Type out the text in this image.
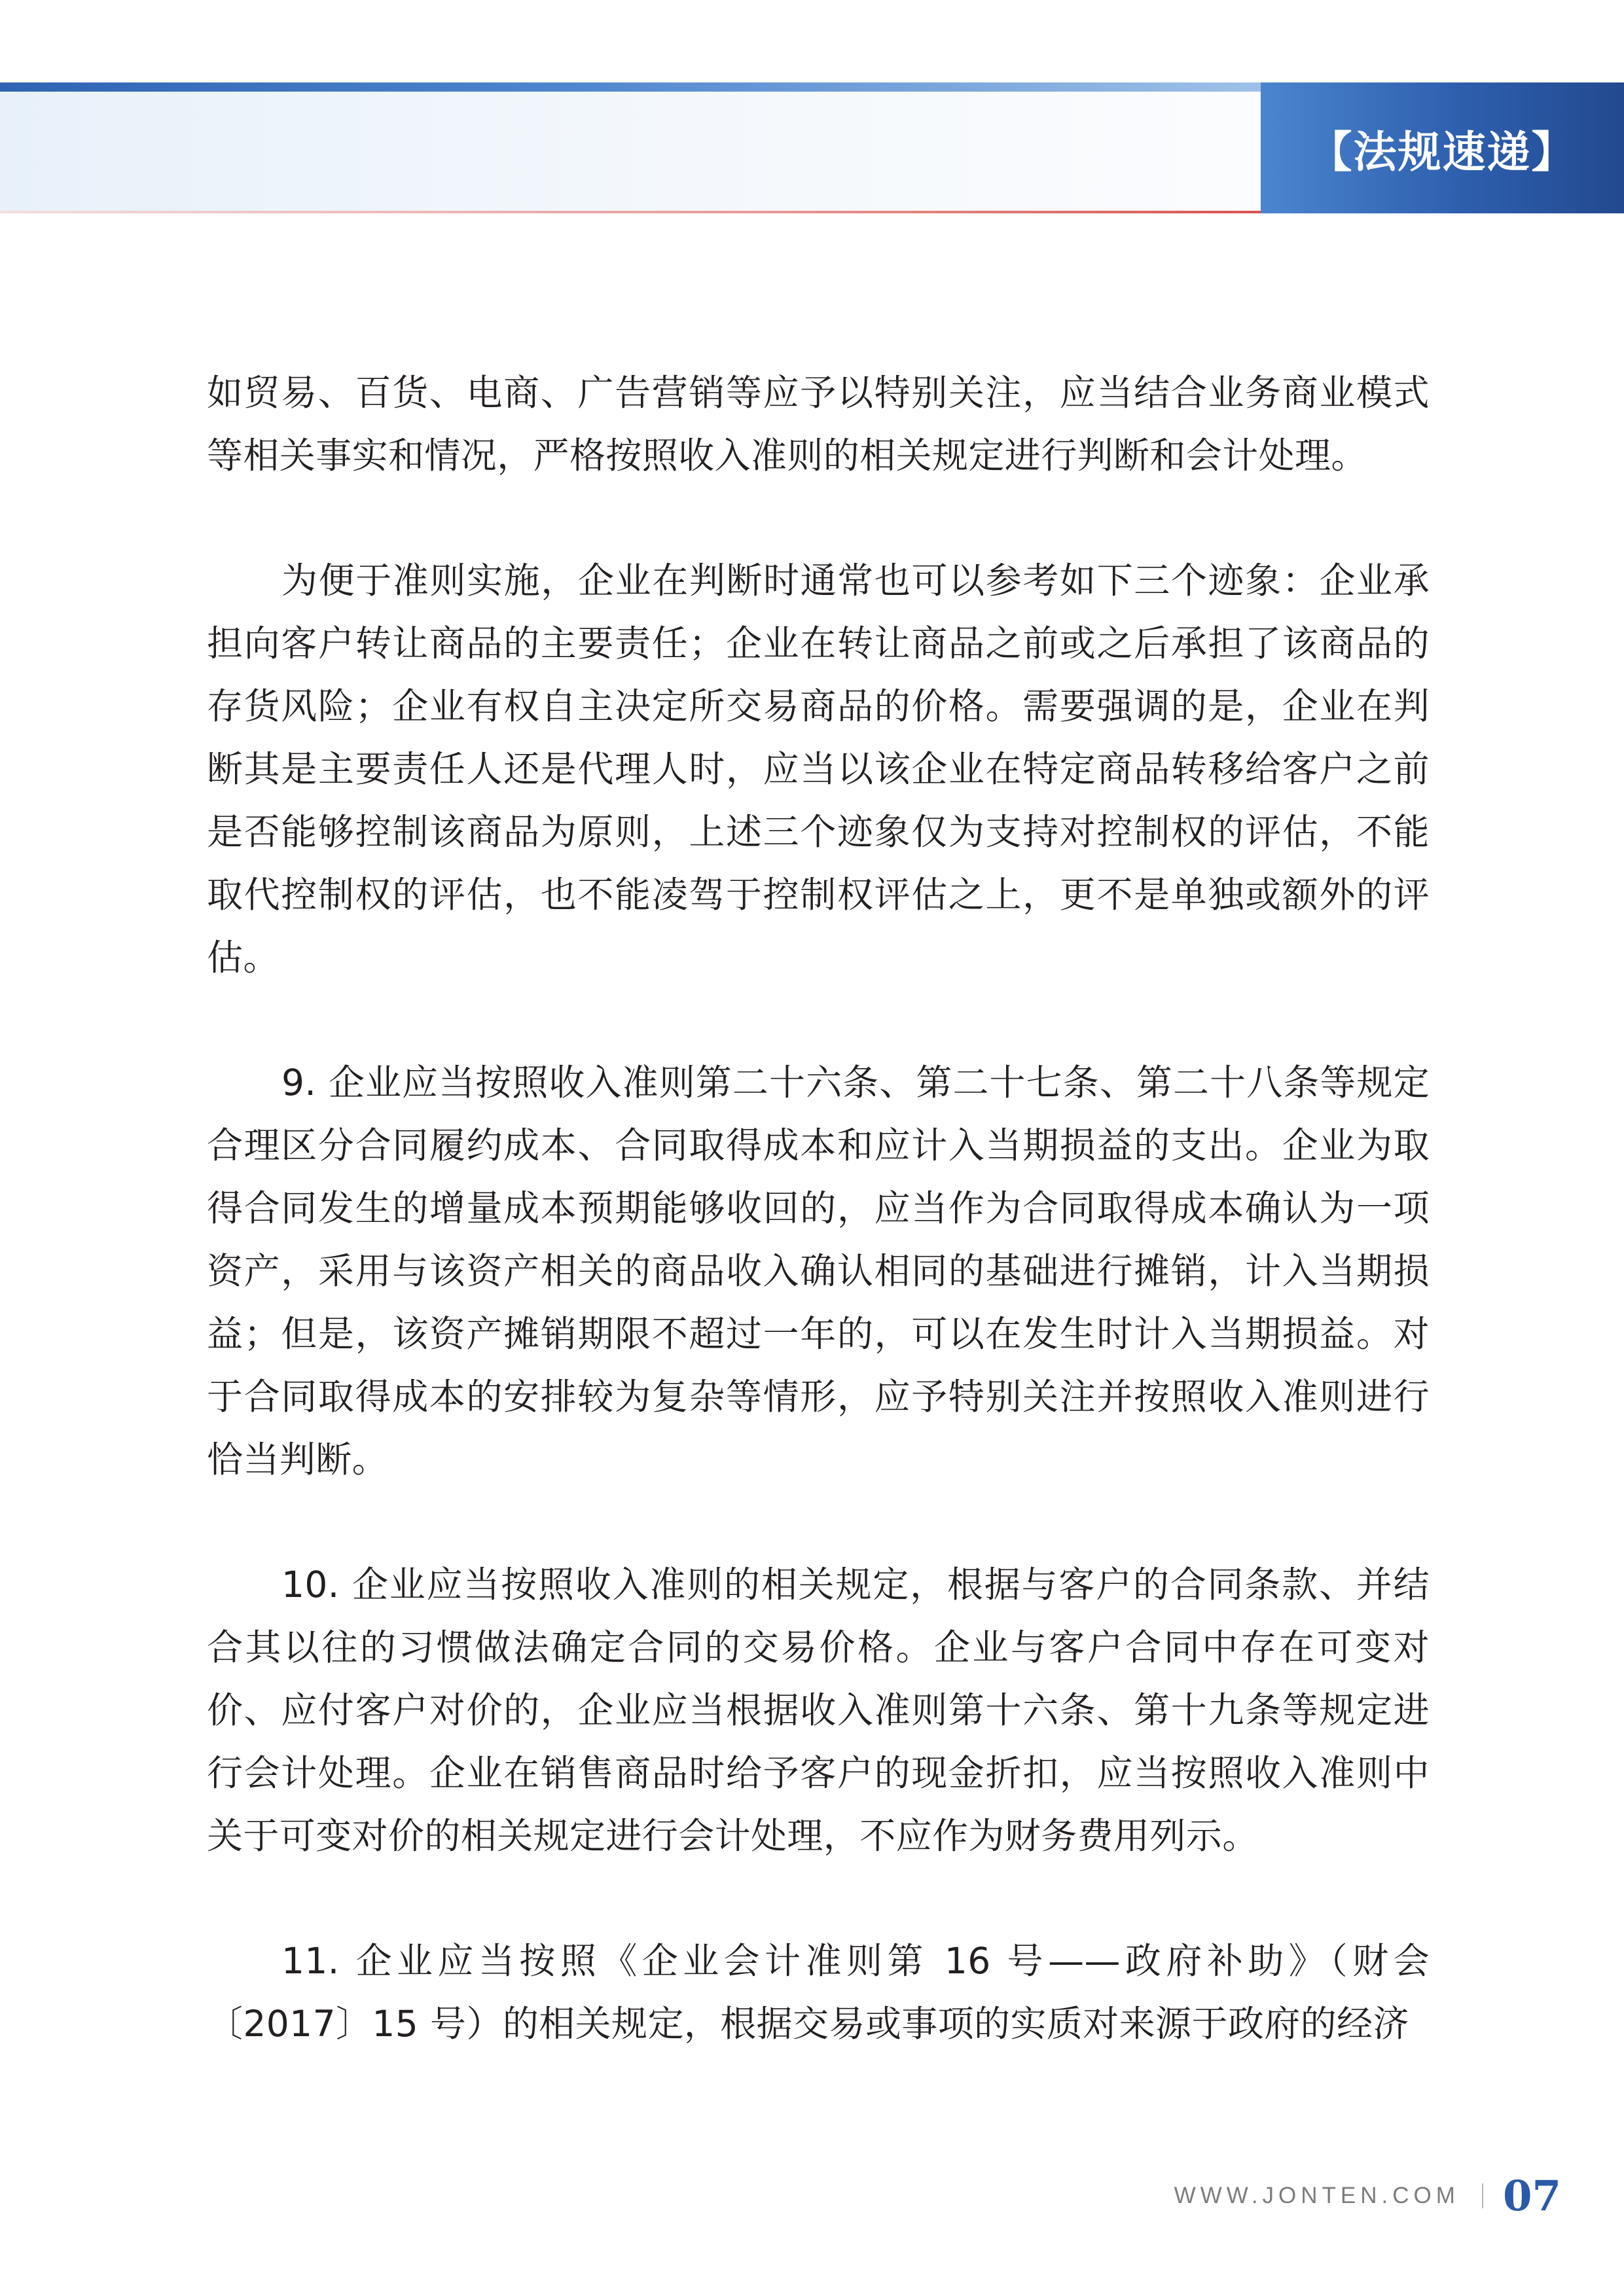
【法规速递】

如贸易、百货、电商、广告营销等应予以特别关注，应当结合业务商业模式等相关事实和情况，严格按照收入准则的相关规定进行判断和会计处理。

为便于准则实施，企业在判断时通常也可以参考如下三个迹象：企业承担向客户转让商品的主要责任；企业在转让商品之前或之后承担了该商品的存货风险；企业有权自主决定所交易商品的价格。需要强调的是，企业在判断其是主要责任人还是代理人时，应当以该企业在特定商品转移给客户之前是否能够控制该商品为原则，上述三个迹象仅为支持对控制权的评估，不能取代控制权的评估，也不能凌驾于控制权评估之上，更不是单独或额外的评估。

9. 企业应当按照收入准则第二十六条、第二十七条、第二十八条等规定合理区分合同履约成本、合同取得成本和应计入当期损益的支出。企业为取得合同发生的增量成本预期能够收回的，应当作为合同取得成本确认为一项资产，采用与该资产相关的商品收入确认相同的基础进行摊销，计入当期损益；但是，该资产摊销期限不超过一年的，可以在发生时计入当期损益。对于合同取得成本的安排较为复杂等情形，应予特别关注并按照收入准则进行恰当判断。

10. 企业应当按照收入准则的相关规定，根据与客户的合同条款、并结合其以往的习惯做法确定合同的交易价格。企业与客户合同中存在可变对价、应付客户对价的，企业应当根据收入准则第十六条、第十九条等规定进行会计处理。企业在销售商品时给予客户的现金折扣，应当按照收入准则中关于可变对价的相关规定进行会计处理，不应作为财务费用列示。

11. 企业应当按照《企业会计准则第 16 号——政府补助》（财会〔2017〕15 号）的相关规定，根据交易或事项的实质对来源于政府的经济

WWW.JONTEN.COM 07
